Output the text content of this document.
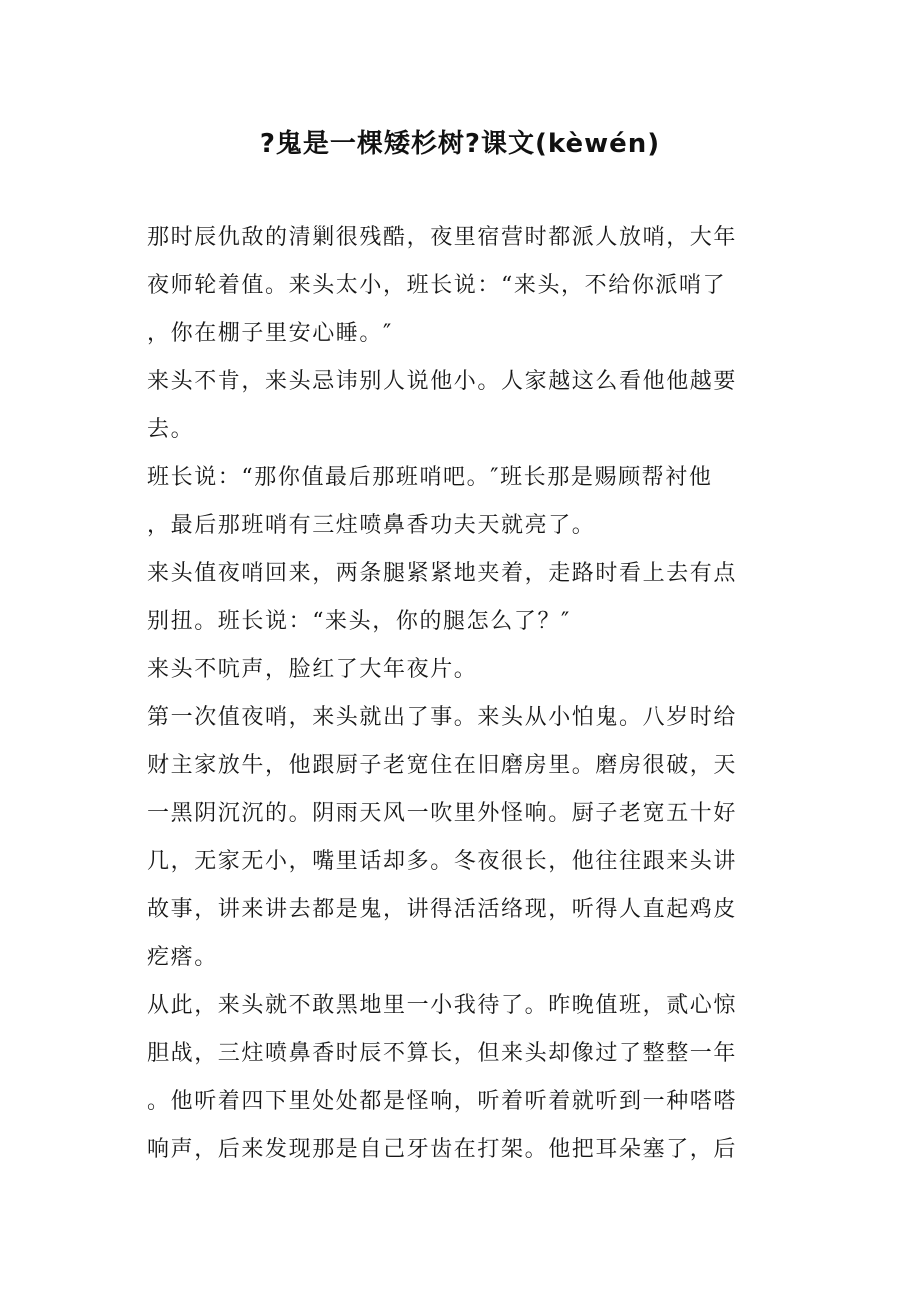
?鬼是一棵矮杉树?课文(kèwén)
那时辰仇敌的清剿很残酷，夜里宿营时都派人放哨，大年
夜师轮着值。来头太小，班长说：“来头，不给你派哨了
，你在棚子里安心睡。″
来头不肯，来头忌讳别人说他小。人家越这么看他他越要
去。
班长说：“那你值最后那班哨吧。″班长那是赐顾帮衬他
，最后那班哨有三炷喷鼻香功夫天就亮了。
来头值夜哨回来，两条腿紧紧地夹着，走路时看上去有点
别扭。班长说：“来头，你的腿怎么了？″
来头不吭声，脸红了大年夜片。
第一次值夜哨，来头就出了事。来头从小怕鬼。八岁时给
财主家放牛，他跟厨子老宽住在旧磨房里。磨房很破，天
一黑阴沉沉的。阴雨天风一吹里外怪响。厨子老宽五十好
几，无家无小，嘴里话却多。冬夜很长，他往往跟来头讲
故事，讲来讲去都是鬼，讲得活活络现，听得人直起鸡皮
疙瘩。
从此，来头就不敢黑地里一小我待了。昨晚值班，贰心惊
胆战，三炷喷鼻香时辰不算长，但来头却像过了整整一年
。他听着四下里处处都是怪响，听着听着就听到一种嗒嗒
响声，后来发现那是自己牙齿在打架。他把耳朵塞了，后
